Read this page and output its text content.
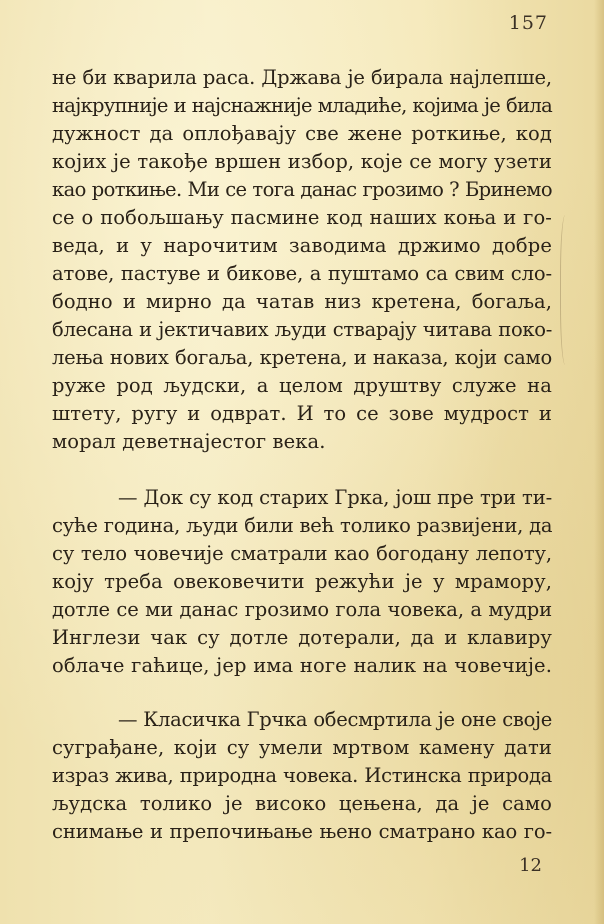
157
не би кварила раса. Држава је бирала најлепше,
најкрупније и најснажније младиће, којима је била
дужност да оплођавају све жене роткиње, код
којих је такође вршен избор, које се могу узети
као роткиње. Ми се тога данас грозимо ? Бринемо
се о побољшању пасмине код наших коња и го-
веда, и у нарочитим заводима држимо добре
атове, пастуве и бикове, а пуштамо са свим сло-
бодно и мирно да чатав низ кретена, богаља,
блесана и јектичавих људи стварају читава поко-
лења нових богаља, кретена, и наказа, који само
руже род људски, а целом друштву служе на
штету, ругу и одврат. И то се зове мудрост и
морал деветнајестог века.
— Док су код старих Грка, још пре три ти-
суће година, људи били већ толико развијени, да
су тело човечије сматрали као богодану лепоту,
коју треба овековечити режући је у мрамору,
дотле се ми данас грозимо гола човека, а мудри
Инглези чак су дотле дотерали, да и клавиру
облаче гаћице, јер има ноге налик на човечије.
— Класичка Грчка обесмртила је оне своје
суграђане, који су умели мртвом камену дати
израз жива, природна човека. Истинска природа
људска толико је високо цењена, да је само
снимање и препочињање њено сматрано као го-
12
